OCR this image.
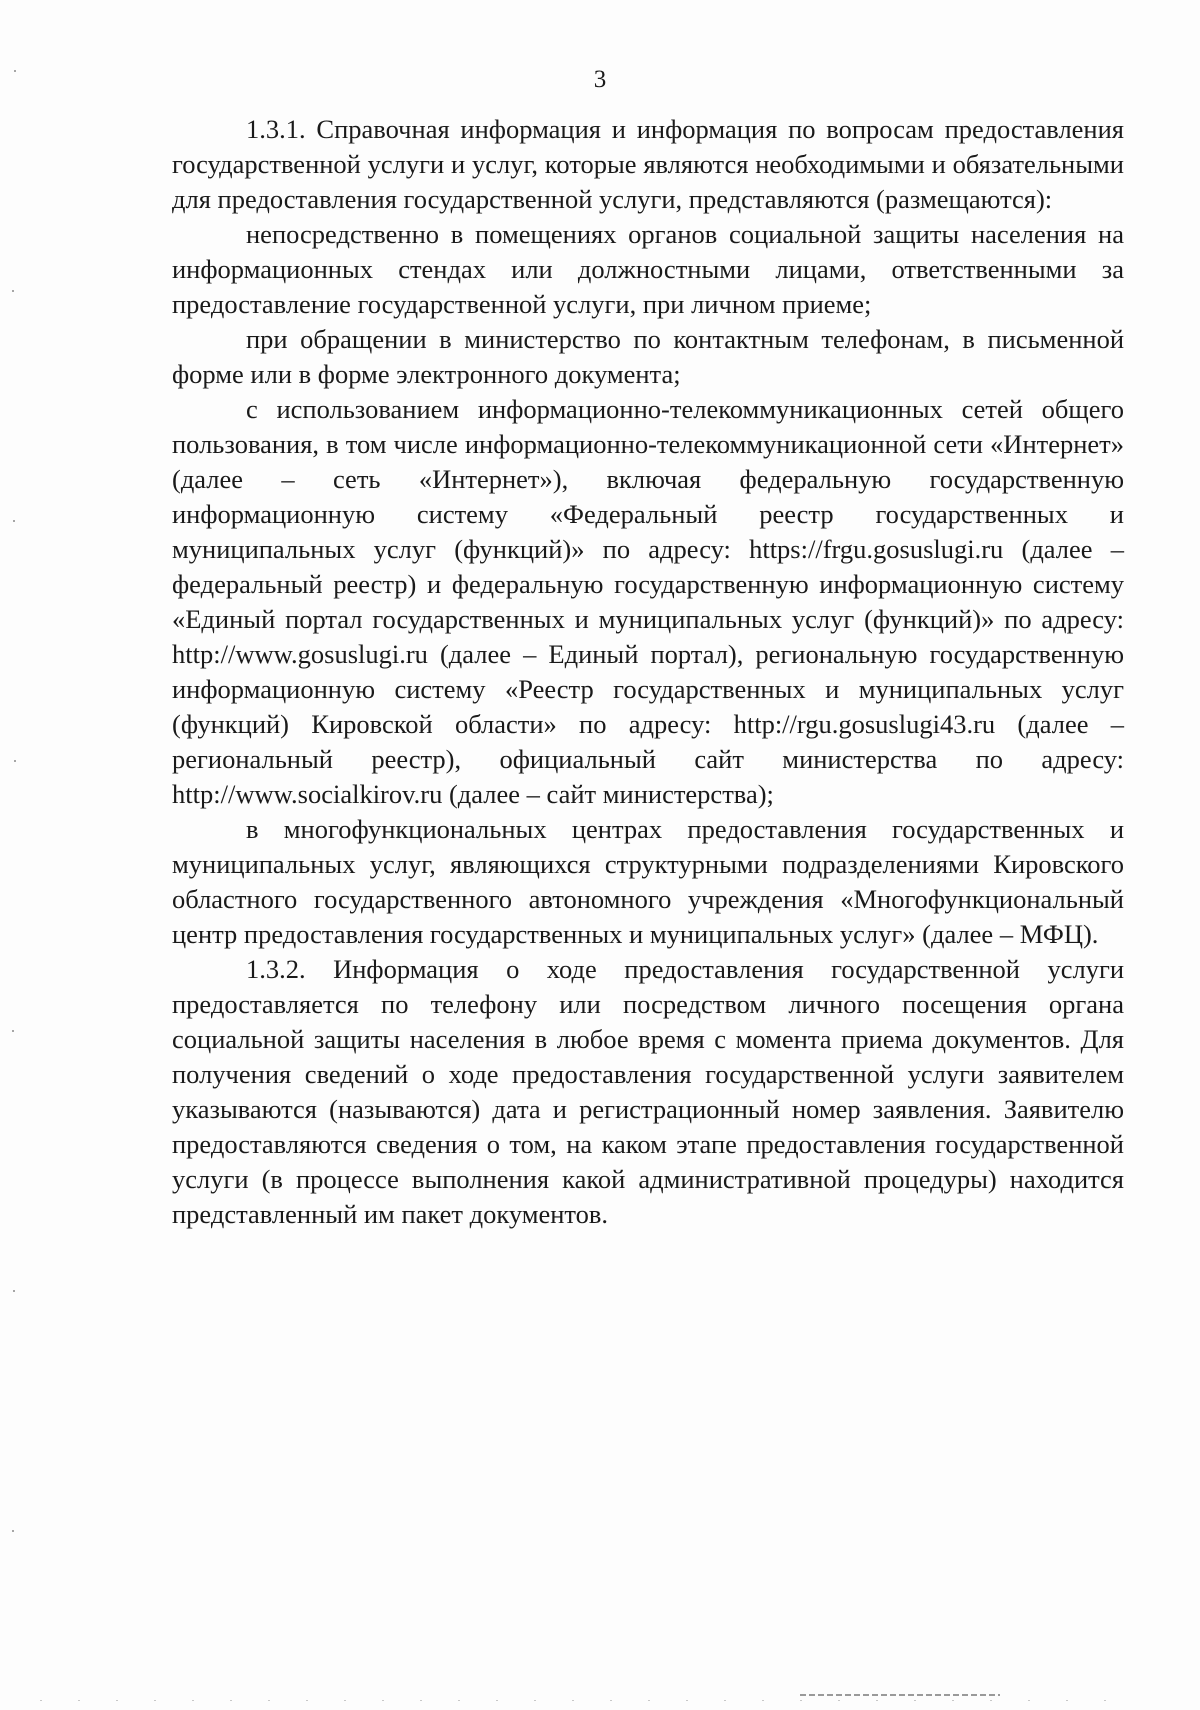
3

1.3.1. Справочная информация и информация по вопросам предоставления государственной услуги и услуг, которые являются необходимыми и обязательными для предоставления государственной услуги, представляются (размещаются):

непосредственно в помещениях органов социальной защиты населения на информационных стендах или должностными лицами, ответственными за предоставление государственной услуги, при личном приеме;

при обращении в министерство по контактным телефонам, в письменной форме или в форме электронного документа;

с использованием информационно-телекоммуникационных сетей общего пользования, в том числе информационно-телекоммуникационной сети «Интернет» (далее – сеть «Интернет»), включая федеральную государственную информационную систему «Федеральный реестр государственных и муниципальных услуг (функций)» по адресу: https://frgu.gosuslugi.ru (далее – федеральный реестр) и федеральную государственную информационную систему «Единый портал государственных и муниципальных услуг (функций)» по адресу: http://www.gosuslugi.ru (далее – Единый портал), региональную государственную информационную систему «Реестр государственных и муниципальных услуг (функций) Кировской области» по адресу: http://rgu.gosuslugi43.ru (далее – региональный реестр), официальный сайт министерства по адресу: http://www.socialkirov.ru (далее – сайт министерства);

в многофункциональных центрах предоставления государственных и муниципальных услуг, являющихся структурными подразделениями Кировского областного государственного автономного учреждения «Многофункциональный центр предоставления государственных и муниципальных услуг» (далее – МФЦ).

1.3.2. Информация о ходе предоставления государственной услуги предоставляется по телефону или посредством личного посещения органа социальной защиты населения в любое время с момента приема документов. Для получения сведений о ходе предоставления государственной услуги заявителем указываются (называются) дата и регистрационный номер заявления. Заявителю предоставляются сведения о том, на каком этапе предоставления государственной услуги (в процессе выполнения какой административной процедуры) находится представленный им пакет документов.
